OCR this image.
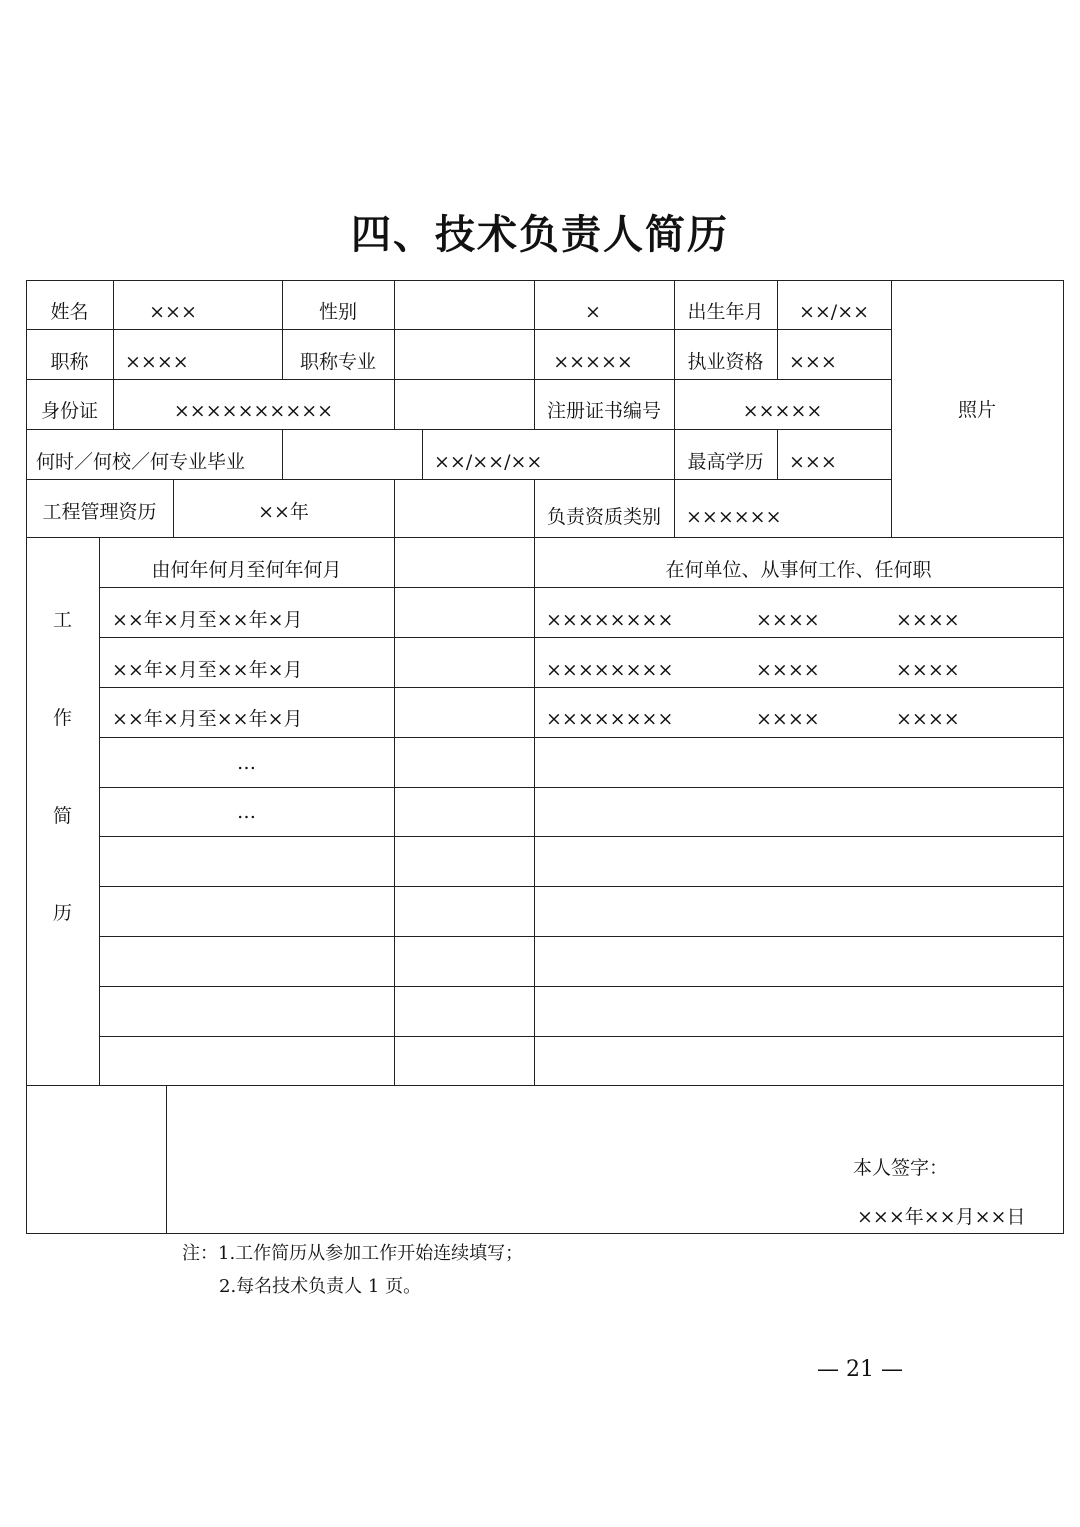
四、技术负责人简历
姓名	×××	性别	×	出生年月	××/××
照片
职称	××××	职称专业	×××××	执业资格	×××
身份证	××××××××××	注册证书编号	×××××
何时／何校／何专业毕业	××/××/××	最高学历	×××
工程管理资历	××年	负责资质类别	××××××
工
作
简
历
由何年何月至何年何月	在何单位、从事何工作、任何职
××年×月至××年×月	××××××××	××××	××××
××年×月至××年×月	××××××××	××××	××××
××年×月至××年×月	××××××××	××××	××××
…
…
本人签字：
×××年××月××日
注：1.工作简历从参加工作开始连续填写；
2.每名技术负责人 1 页。
— 21 —
